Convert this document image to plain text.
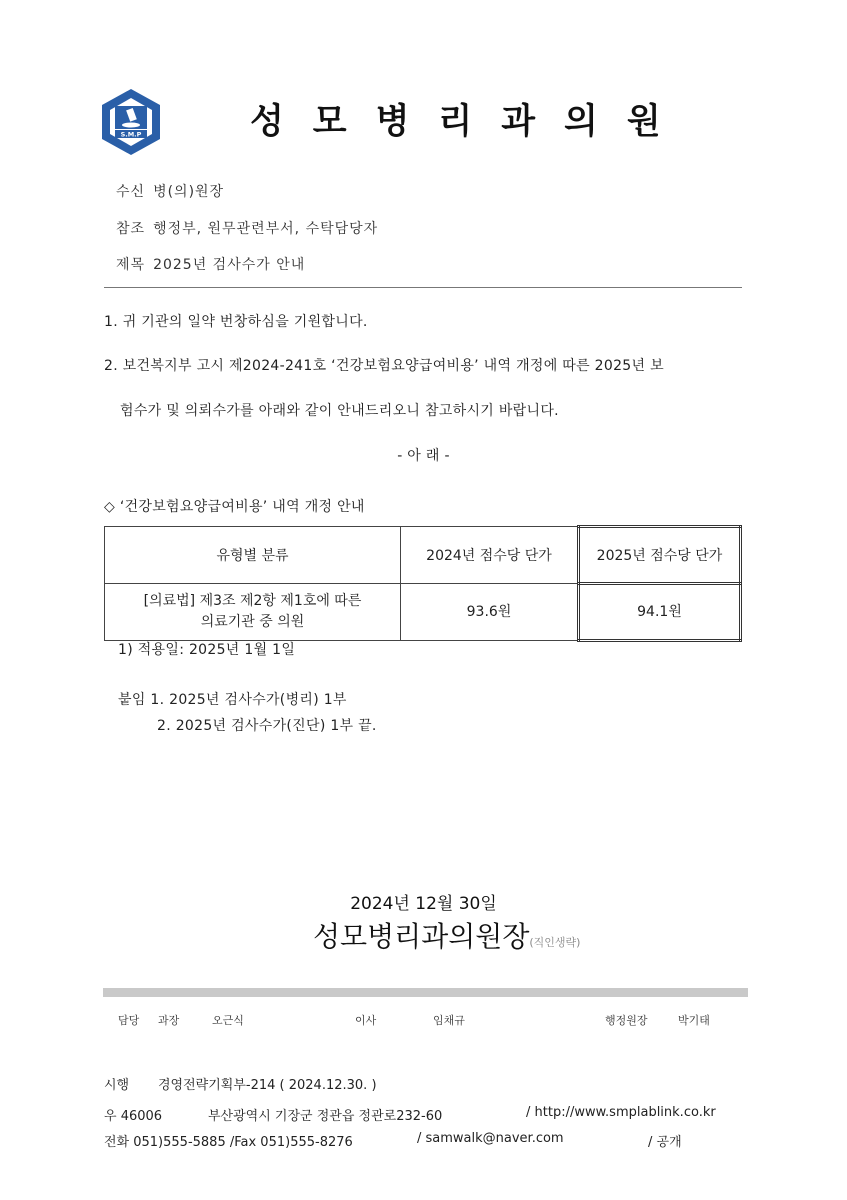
S.M.P	성모병리과의원
수신 병(의)원장
참조 행정부, 원무관련부서, 수탁담당자
제목 2025년 검사수가 안내
1. 귀 기관의 일약 번창하심을 기원합니다.
2. 보건복지부 고시 제2024-241호 ‘건강보험요양급여비용’ 내역 개정에 따른 2025년 보
험수가 및 의뢰수가를 아래와 같이 안내드리오니 참고하시기 바랍니다.
- 아 래 -
◇ ‘건강보험요양급여비용’ 내역 개정 안내
유형별 분류	2024년 점수당 단가	2025년 점수당 단가

[의료법] 제3조 제2항 제1호에 따른
의료기관 중 의원	93.6원	94.1원
1) 적용일: 2025년 1월 1일
붙임 1. 2025년 검사수가(병리) 1부
2. 2025년 검사수가(진단) 1부 끝.
2024년 12월 30일
성모병리과의원장(직인생략)
담당 과장	오근식	이사	임채규	행정원장	박기태
시행 경영전략기획부-214 ( 2024.12.30. )
우 46006	부산광역시 기장군 정관읍 정관로232-60	/ http://www.smplablink.co.kr
전화 051)555-5885 /Fax 051)555-8276	/ samwalk@naver.com	/ 공개
